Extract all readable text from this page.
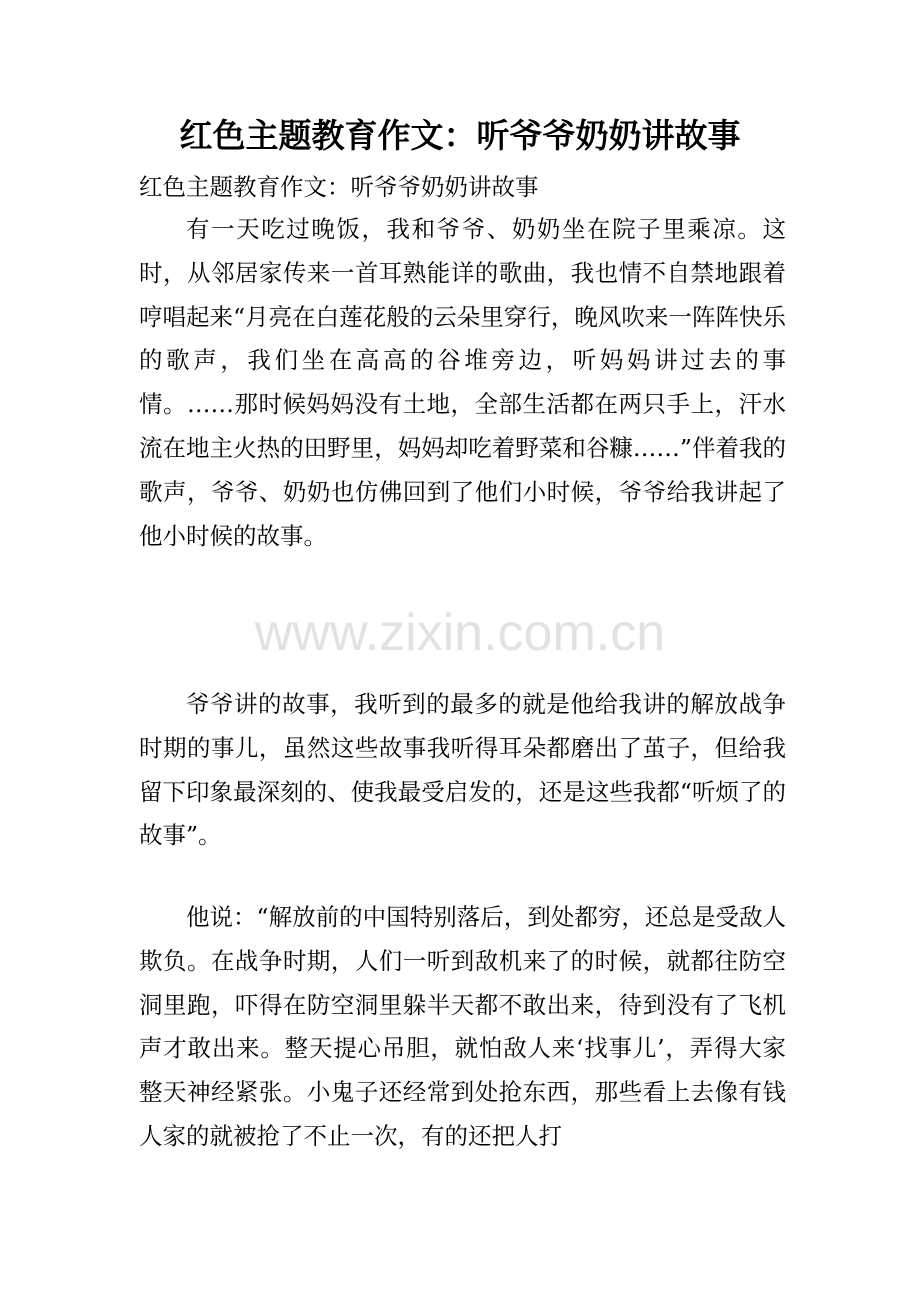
红色主题教育作文：听爷爷奶奶讲故事
红色主题教育作文：听爷爷奶奶讲故事

有一天吃过晚饭，我和爷爷、奶奶坐在院子里乘凉。这时，从邻居家传来一首耳熟能详的歌曲，我也情不自禁地跟着哼唱起来“月亮在白莲花般的云朵里穿行，晚风吹来一阵阵快乐的歌声，我们坐在高高的谷堆旁边，听妈妈讲过去的事情。……那时候妈妈没有土地，全部生活都在两只手上，汗水流在地主火热的田野里，妈妈却吃着野菜和谷糠……”伴着我的歌声，爷爷、奶奶也仿佛回到了他们小时候，爷爷给我讲起了他小时候的故事。

www.zixin.com.cn

爷爷讲的故事，我听到的最多的就是他给我讲的解放战争时期的事儿，虽然这些故事我听得耳朵都磨出了茧子，但给我留下印象最深刻的、使我最受启发的，还是这些我都“听烦了的故事”。

他说：“解放前的中国特别落后，到处都穷，还总是受敌人欺负。在战争时期，人们一听到敌机来了的时候，就都往防空洞里跑，吓得在防空洞里躲半天都不敢出来，待到没有了飞机声才敢出来。整天提心吊胆，就怕敌人来‘找事儿’，弄得大家整天神经紧张。小鬼子还经常到处抢东西，那些看上去像有钱人家的就被抢了不止一次，有的还把人打
